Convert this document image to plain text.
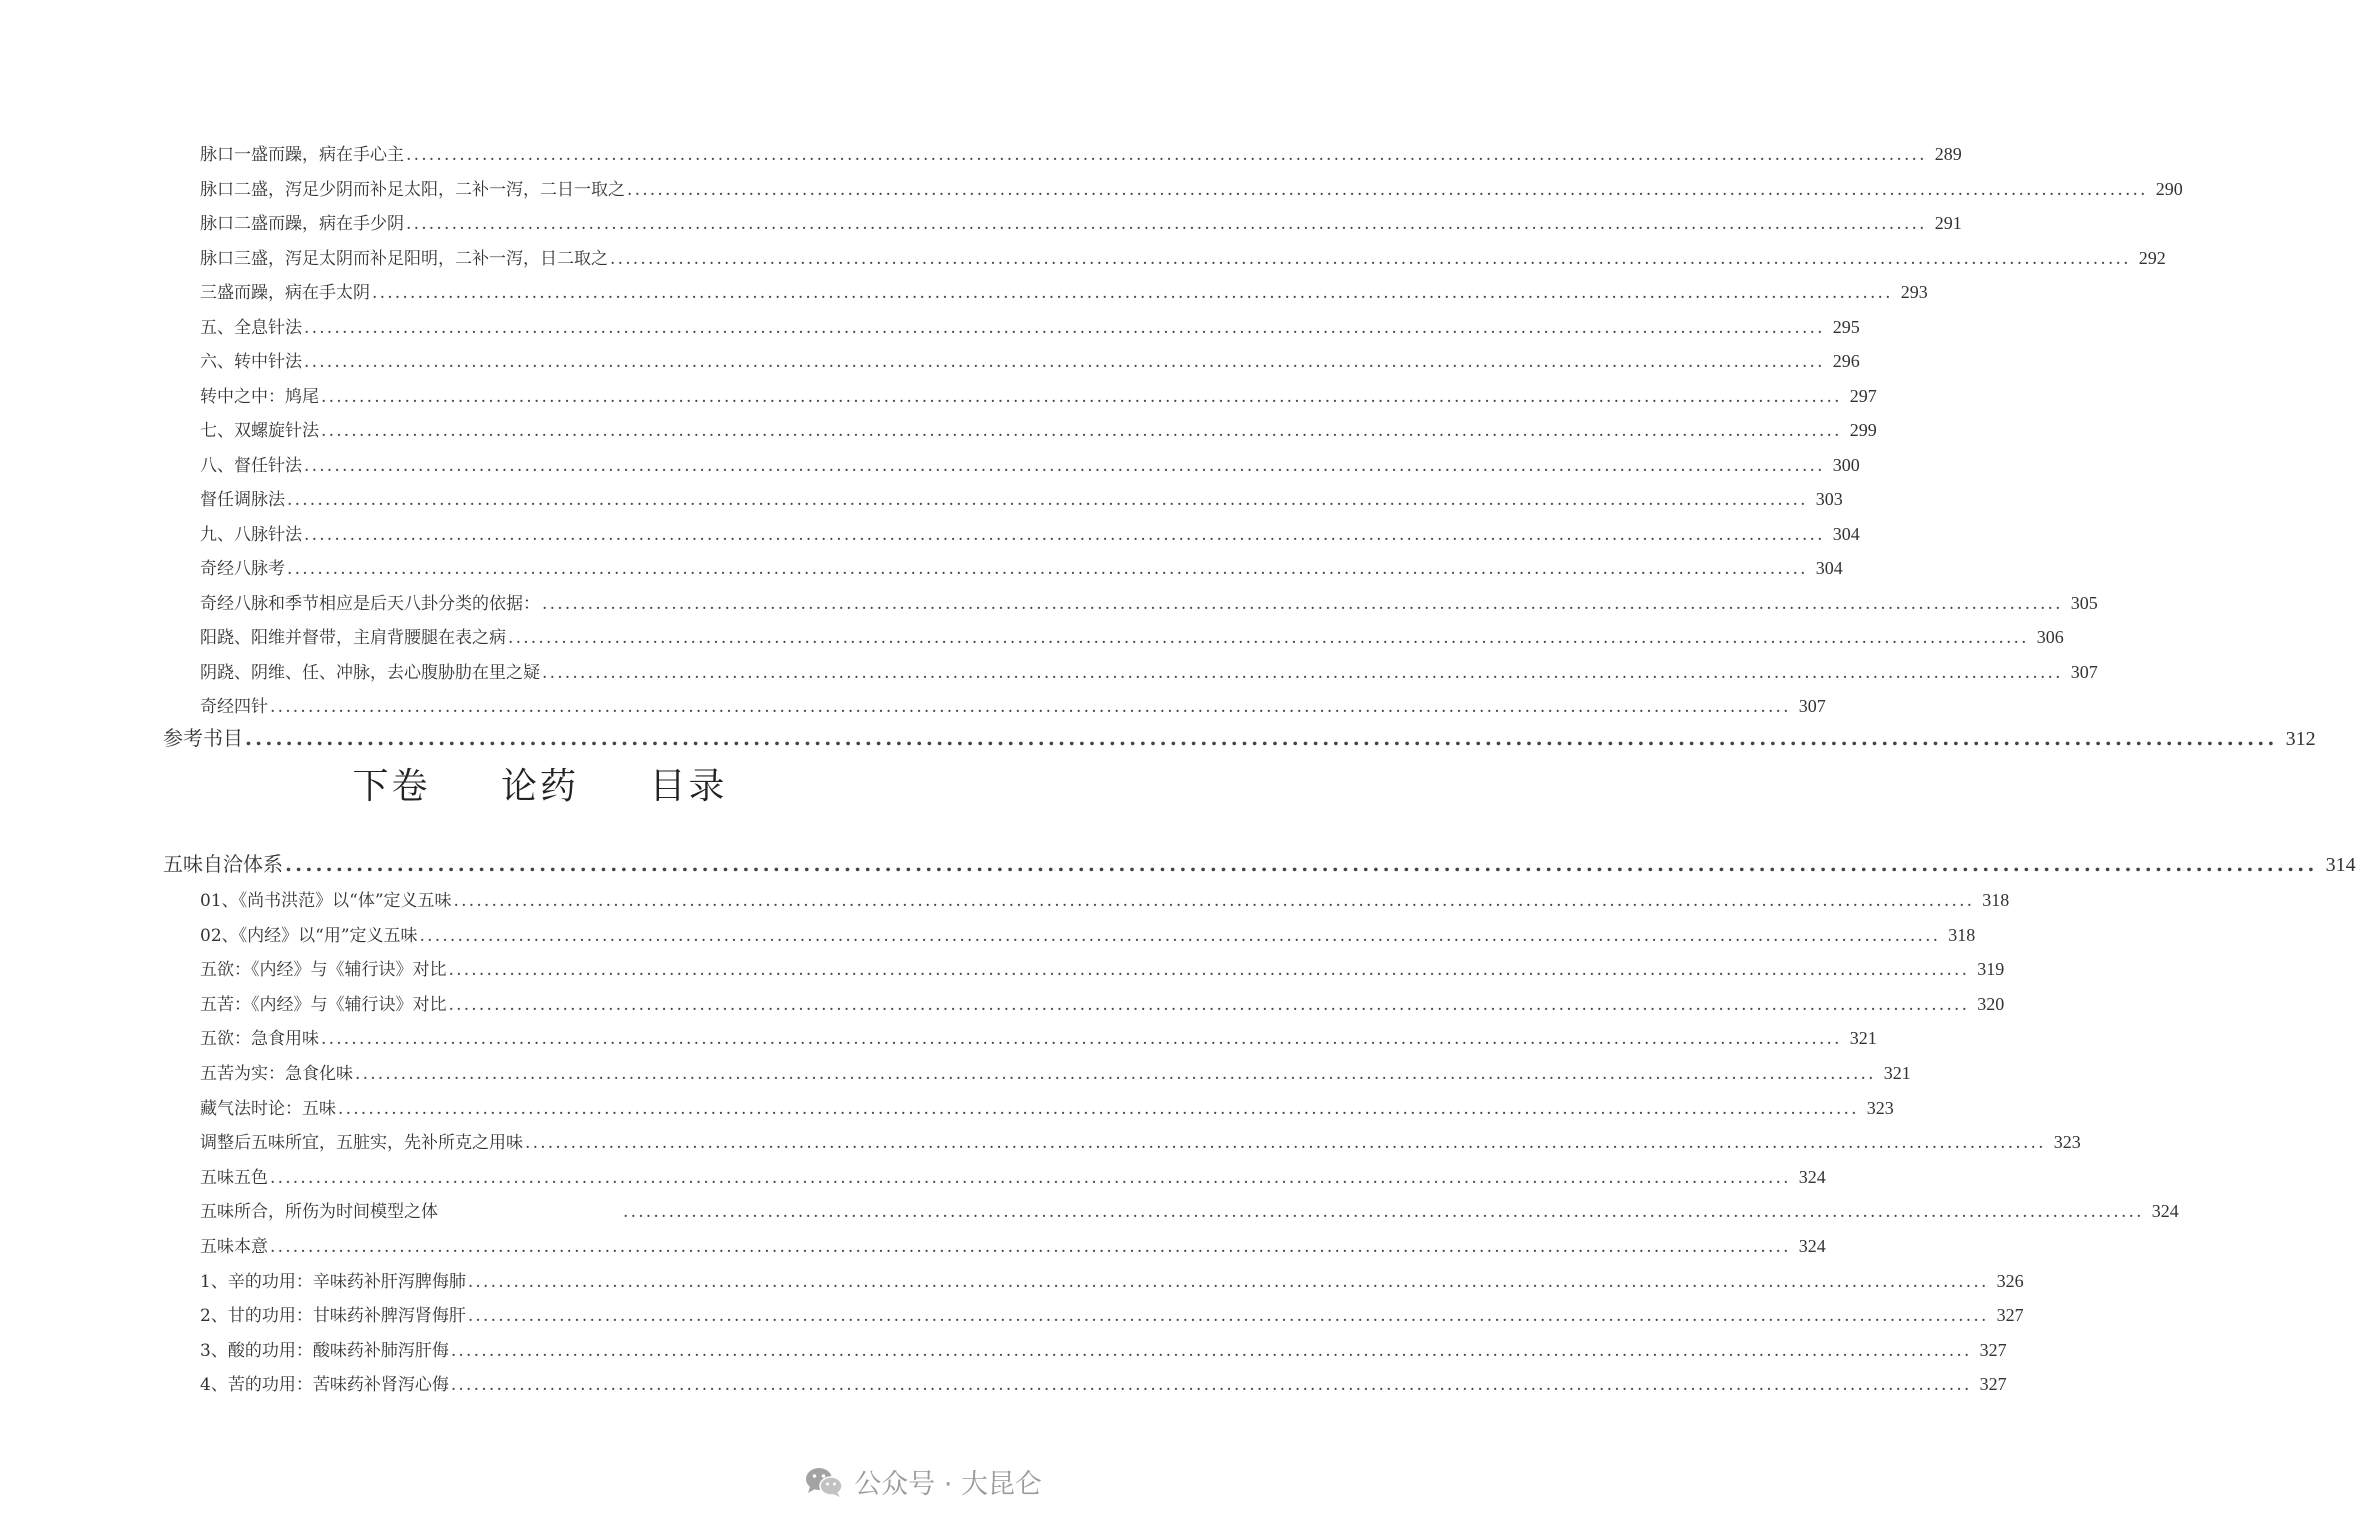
脉口一盛而躁，病在手心主 ........................................................................................................................................................................................................ 289
脉口二盛，泻足少阴而补足太阳，二补一泻，二日一取之 ........................................................................................................................................................................................................ 290
脉口二盛而躁，病在手少阴 ........................................................................................................................................................................................................ 291
脉口三盛，泻足太阴而补足阳明，二补一泻，日二取之 ........................................................................................................................................................................................................ 292
三盛而躁，病在手太阴 ........................................................................................................................................................................................................ 293
五、全息针法 ........................................................................................................................................................................................................ 295
六、转中针法 ........................................................................................................................................................................................................ 296
转中之中：鸠尾 ........................................................................................................................................................................................................ 297
七、双螺旋针法 ........................................................................................................................................................................................................ 299
八、督任针法 ........................................................................................................................................................................................................ 300
督任调脉法 ........................................................................................................................................................................................................ 303
九、八脉针法 ........................................................................................................................................................................................................ 304
奇经八脉考 ........................................................................................................................................................................................................ 304
奇经八脉和季节相应是后天八卦分类的依据： ........................................................................................................................................................................................................ 305
阳跷、阳维并督带，主肩背腰腿在表之病 ........................................................................................................................................................................................................ 306
阴跷、阴维、任、冲脉，去心腹胁肋在里之疑 ........................................................................................................................................................................................................ 307
奇经四针 ........................................................................................................................................................................................................ 307
参考书目 ........................................................................................................................................................................................................ 312
下卷 论药 目录
五味自洽体系 ........................................................................................................................................................................................................ 314
01、《尚书洪范》以“体”定义五味 ........................................................................................................................................................................................................ 318
02、《内经》以“用”定义五味 ........................................................................................................................................................................................................ 318
五欲：《内经》与《辅行诀》对比 ........................................................................................................................................................................................................ 319
五苦：《内经》与《辅行诀》对比 ........................................................................................................................................................................................................ 320
五欲：急食用味 ........................................................................................................................................................................................................ 321
五苦为实：急食化味 ........................................................................................................................................................................................................ 321
藏气法时论：五味 ........................................................................................................................................................................................................ 323
调整后五味所宜，五脏实，先补所克之用味 ........................................................................................................................................................................................................ 323
五味五色 ........................................................................................................................................................................................................ 324
五味所合，所伤为时间模型之体	........................................................................................................................................................................................................ 324
五味本意 ........................................................................................................................................................................................................ 324
1、辛的功用：辛味药补肝泻脾侮肺 ........................................................................................................................................................................................................ 326
2、甘的功用：甘味药补脾泻肾侮肝 ........................................................................................................................................................................................................ 327
3、酸的功用：酸味药补肺泻肝侮 ........................................................................................................................................................................................................ 327
4、苦的功用：苦味药补肾泻心侮 ........................................................................................................................................................................................................ 327
公众号 · 大昆仑
